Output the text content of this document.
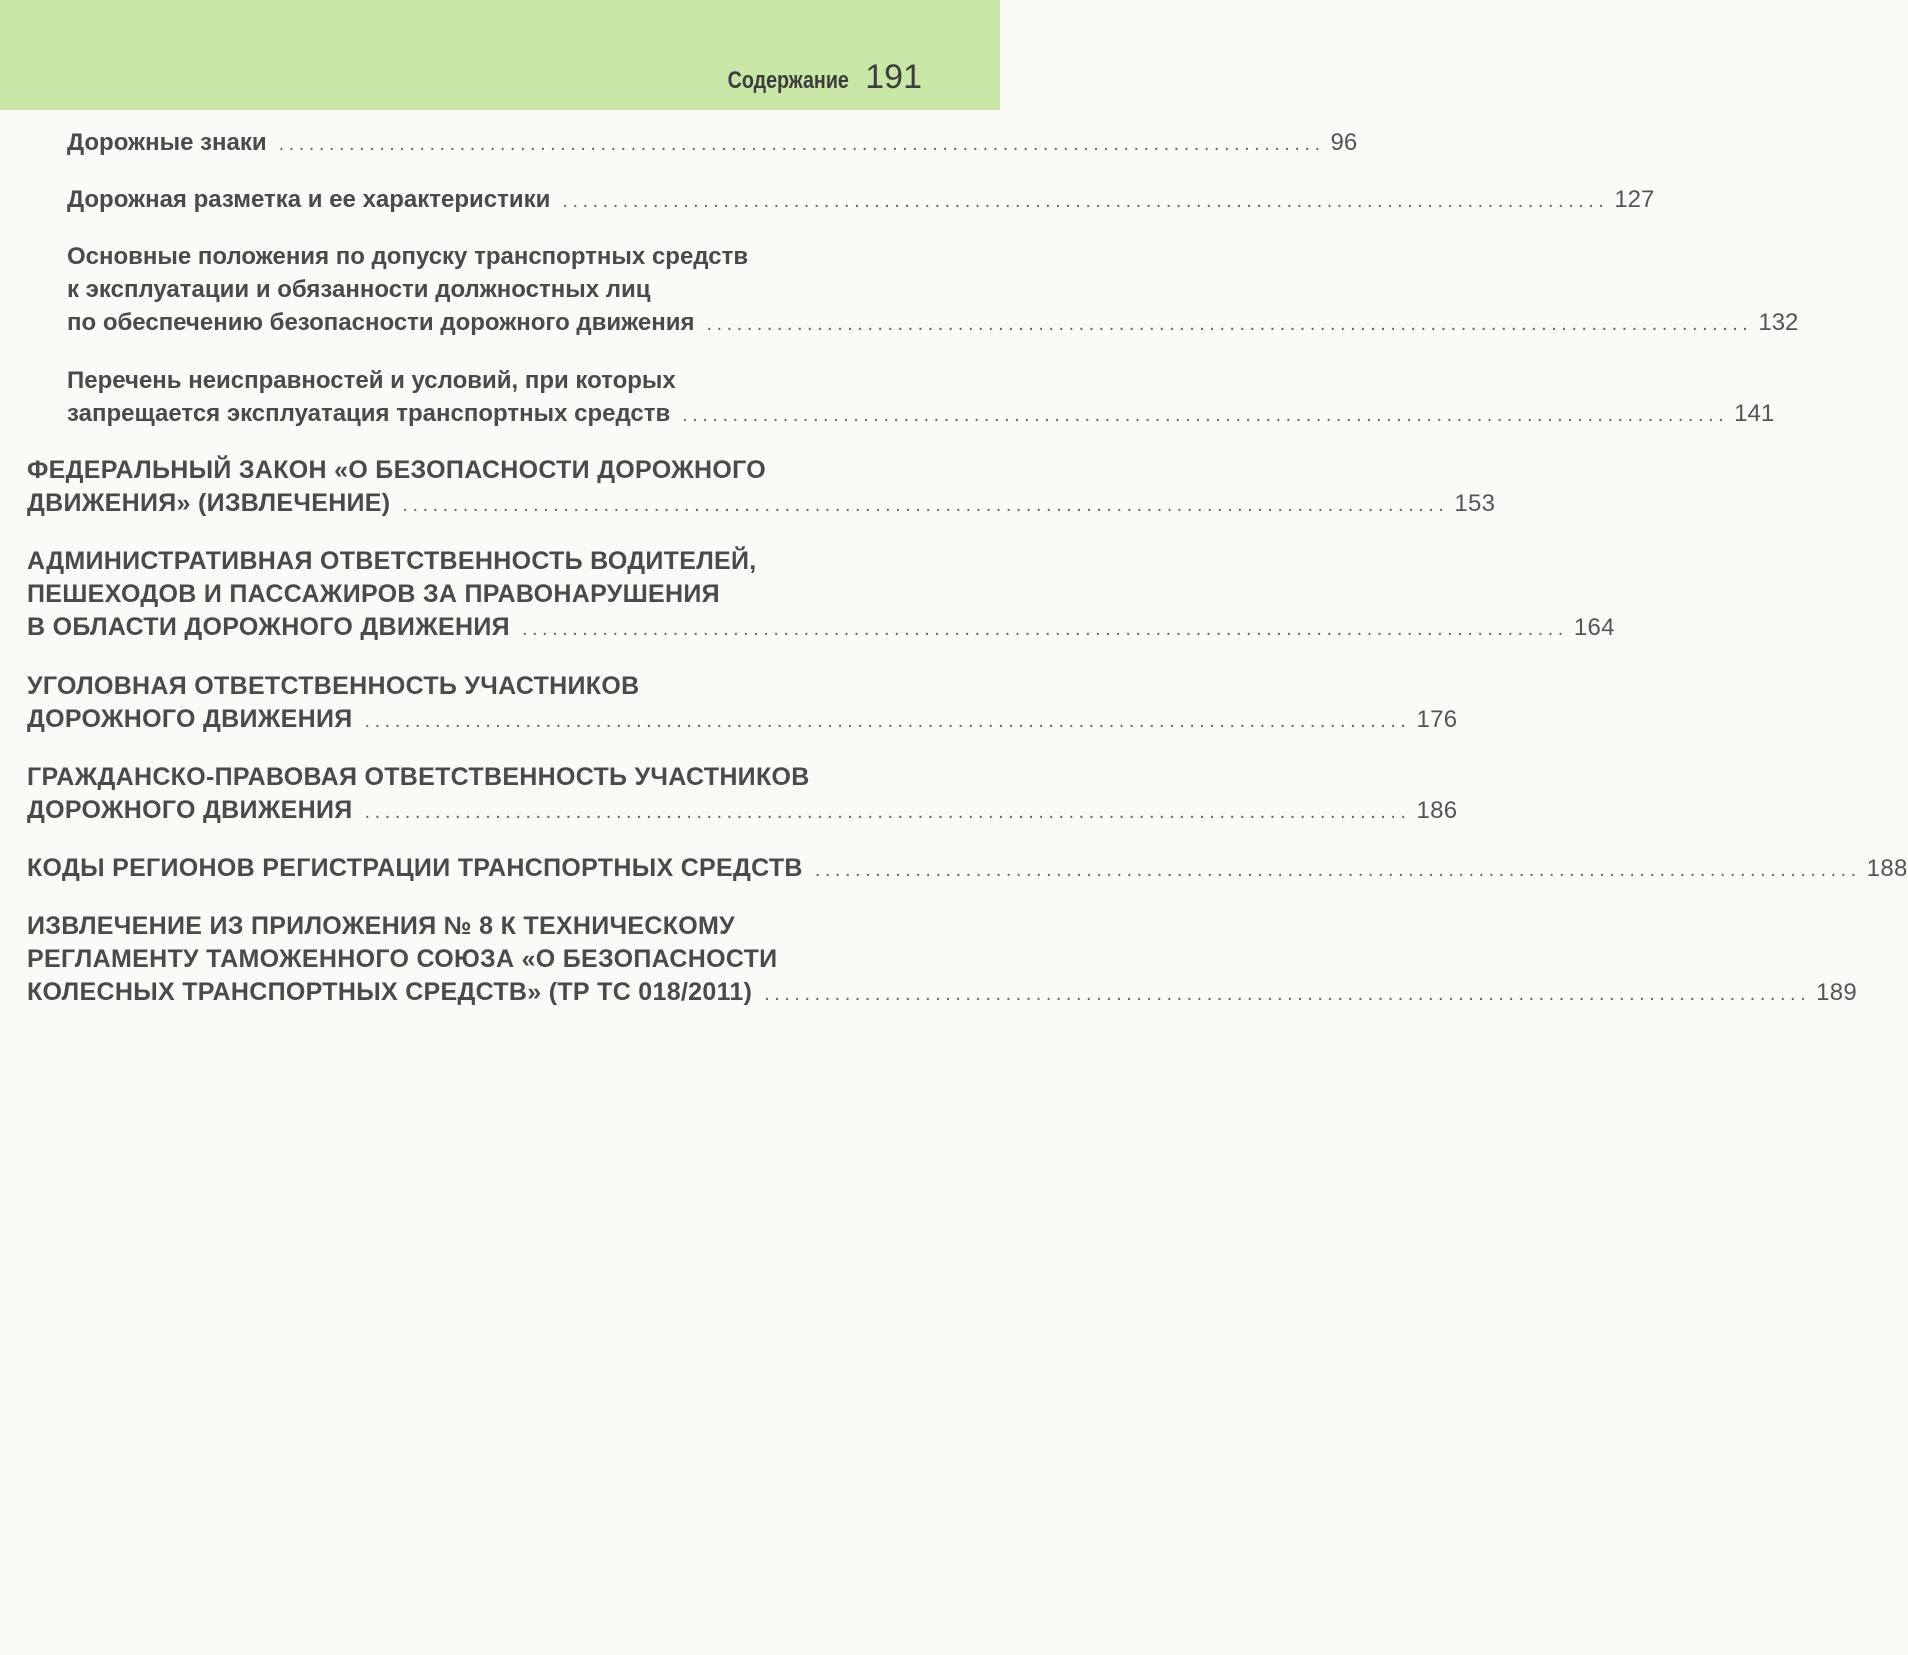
Содержание 191
Дорожные знаки ........................................................................................................ 96
Дорожная разметка и ее характеристики ........................................................................................................ 127
Основные положения по допуску транспортных средств
к эксплуатации и обязанности должностных лиц
по обеспечению безопасности дорожного движения ........................................................................................................ 132
Перечень неисправностей и условий, при которых
запрещается эксплуатация транспортных средств ........................................................................................................ 141
ФЕДЕРАЛЬНЫЙ ЗАКОН «О БЕЗОПАСНОСТИ ДОРОЖНОГО
ДВИЖЕНИЯ» (ИЗВЛЕЧЕНИЕ) ........................................................................................................ 153
АДМИНИСТРАТИВНАЯ ОТВЕТСТВЕННОСТЬ ВОДИТЕЛЕЙ,
ПЕШЕХОДОВ И ПАССАЖИРОВ ЗА ПРАВОНАРУШЕНИЯ
В ОБЛАСТИ ДОРОЖНОГО ДВИЖЕНИЯ ........................................................................................................ 164
УГОЛОВНАЯ ОТВЕТСТВЕННОСТЬ УЧАСТНИКОВ
ДОРОЖНОГО ДВИЖЕНИЯ ........................................................................................................ 176
ГРАЖДАНСКО-ПРАВОВАЯ ОТВЕТСТВЕННОСТЬ УЧАСТНИКОВ
ДОРОЖНОГО ДВИЖЕНИЯ ........................................................................................................ 186
КОДЫ РЕГИОНОВ РЕГИСТРАЦИИ ТРАНСПОРТНЫХ СРЕДСТВ ........................................................................................................ 188
ИЗВЛЕЧЕНИЕ ИЗ ПРИЛОЖЕНИЯ № 8 К ТЕХНИЧЕСКОМУ
РЕГЛАМЕНТУ ТАМОЖЕННОГО СОЮЗА «О БЕЗОПАСНОСТИ
КОЛЕСНЫХ ТРАНСПОРТНЫХ СРЕДСТВ» (ТР ТС 018/2011) ........................................................................................................ 189
